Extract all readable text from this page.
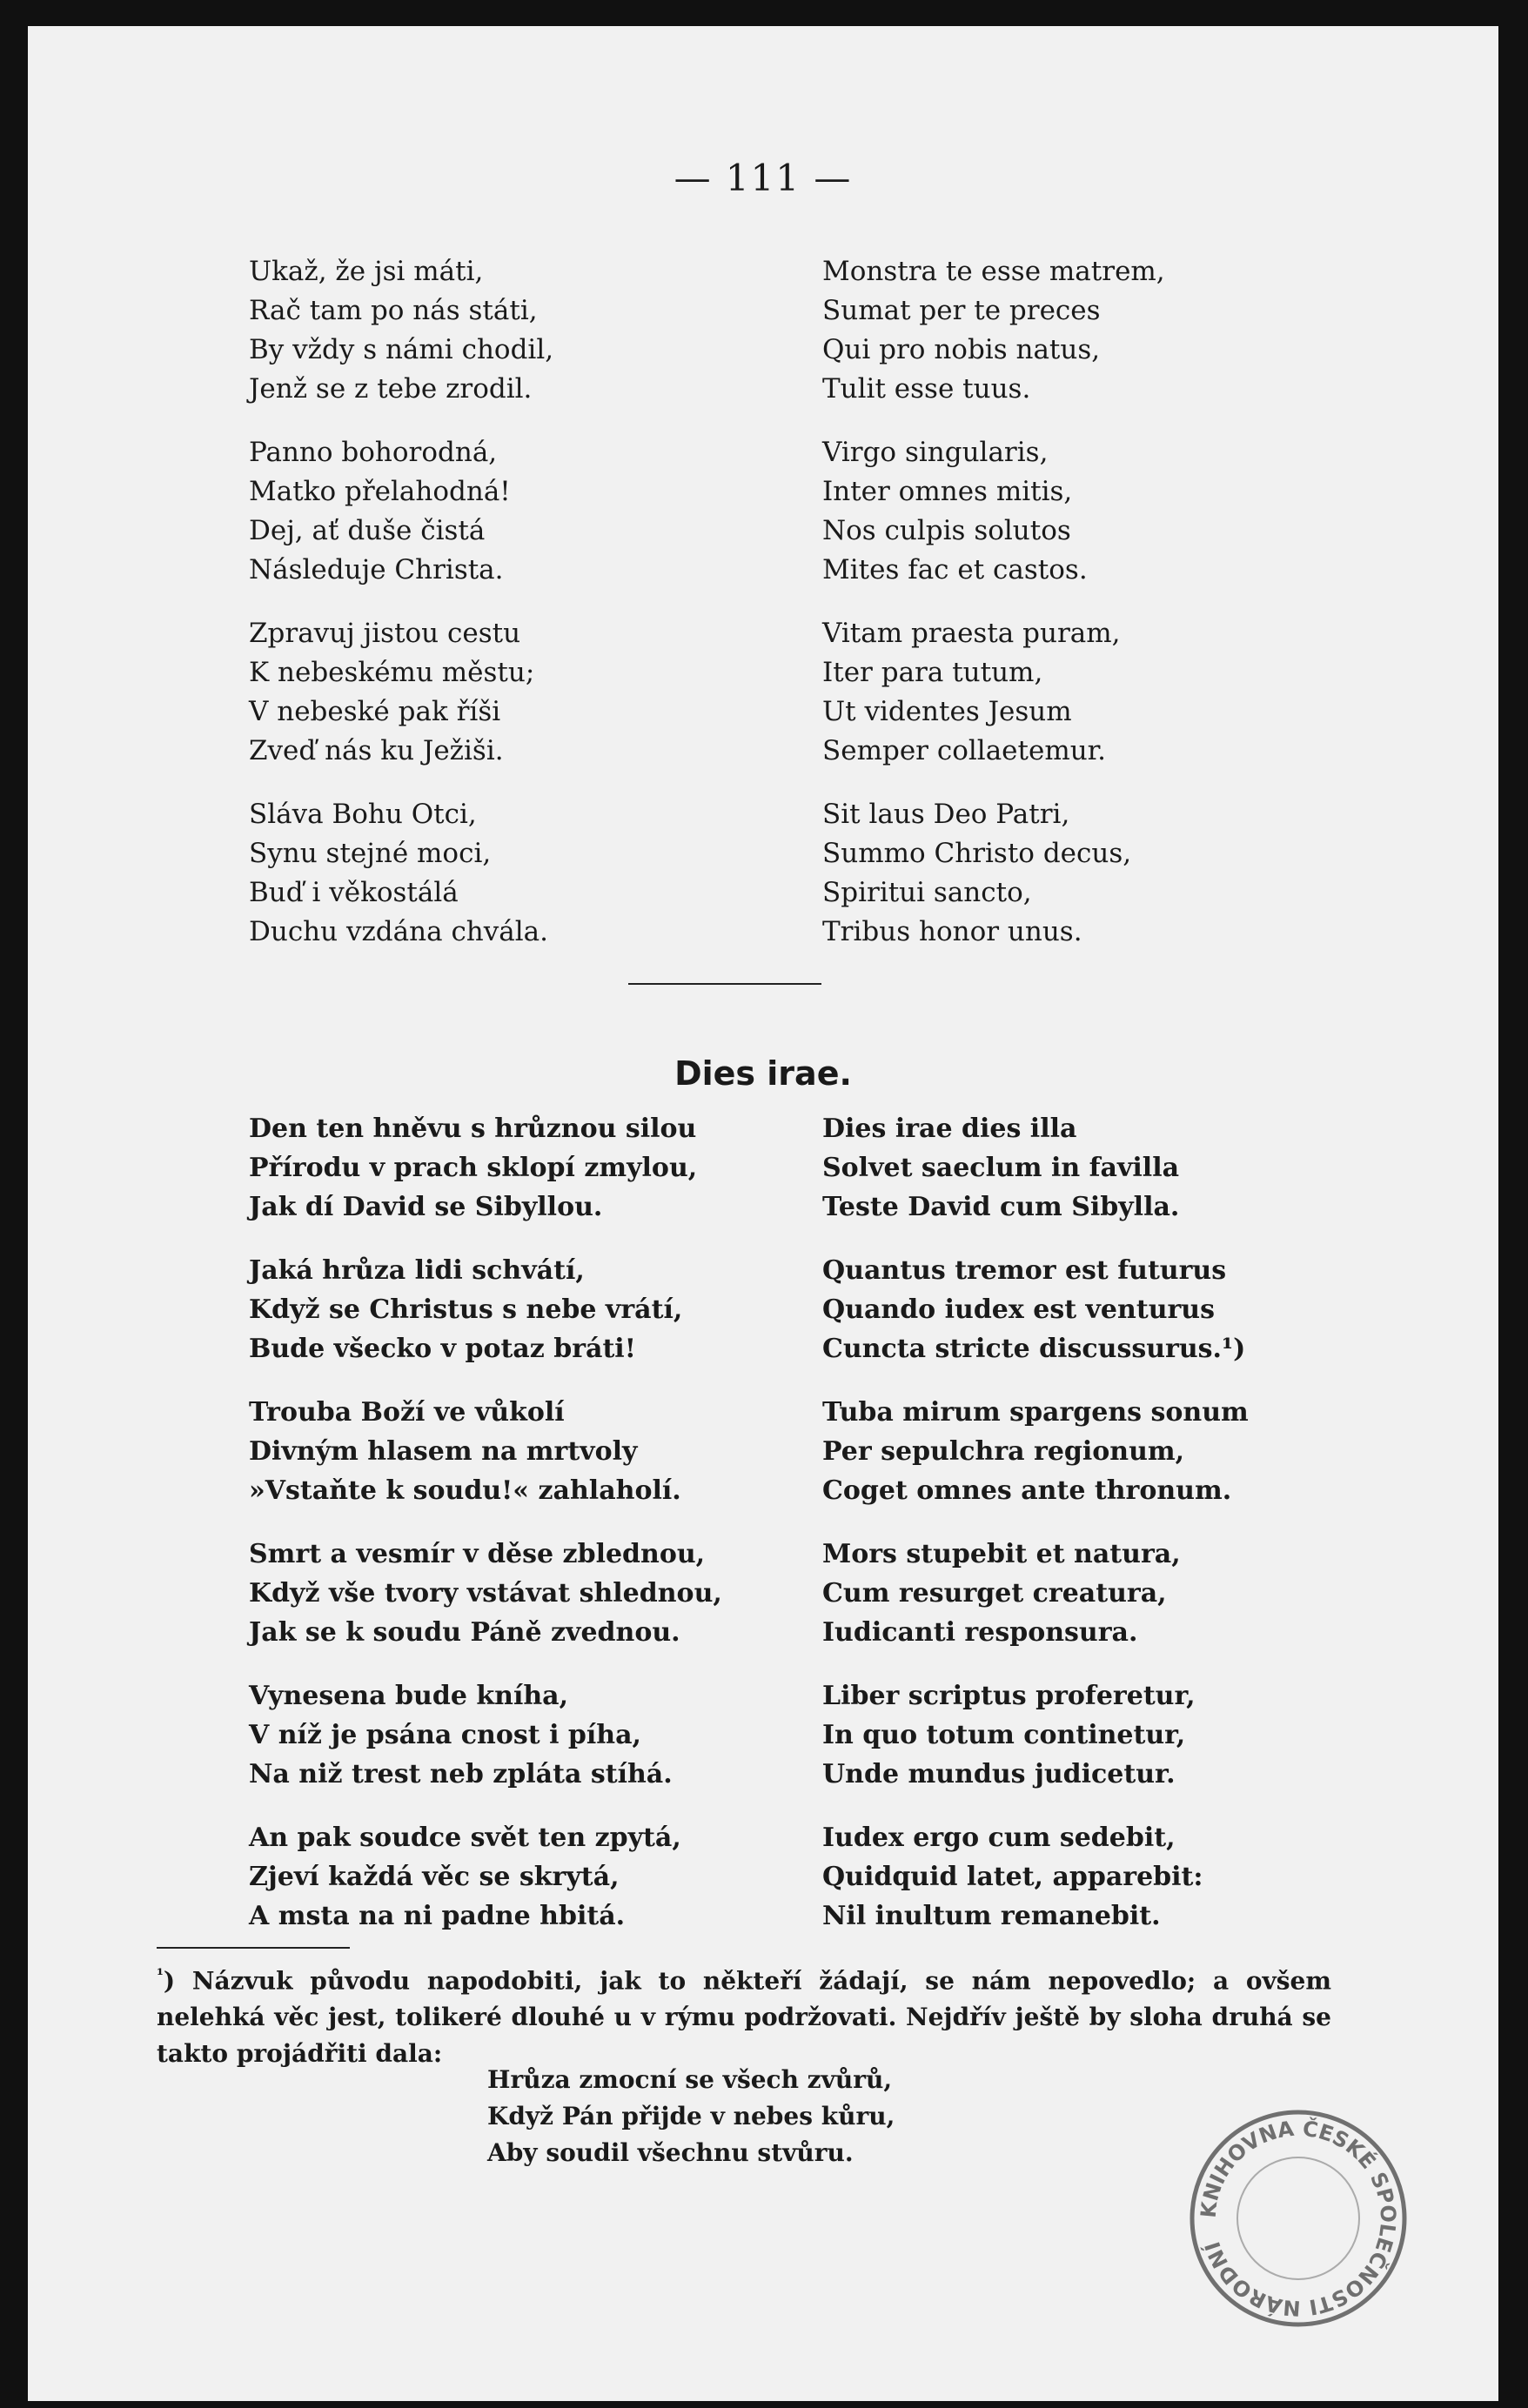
— 111 —
Ukaž, že jsi máti,
Rač tam po nás státi,
By vždy s námi chodil,
Jenž se z tebe zrodil.
Panno bohorodná,
Matko přelahodná!
Dej, ať duše čistá
Následuje Christa.
Zpravuj jistou cestu
K nebeskému městu;
V nebeské pak říši
Zveď nás ku Ježiši.
Sláva Bohu Otci,
Synu stejné moci,
Buď i věkostálá
Duchu vzdána chvála.
Monstra te esse matrem,
Sumat per te preces
Qui pro nobis natus,
Tulit esse tuus.
Virgo singularis,
Inter omnes mitis,
Nos culpis solutos
Mites fac et castos.
Vitam praesta puram,
Iter para tutum,
Ut videntes Jesum
Semper collaetemur.
Sit laus Deo Patri,
Summo Christo decus,
Spiritui sancto,
Tribus honor unus.
Dies irae.
Den ten hněvu s hrůznou silou
Přírodu v prach sklopí zmylou,
Jak dí David se Sibyllou.
Jaká hrůza lidi schvátí,
Když se Christus s nebe vrátí,
Bude všecko v potaz bráti!
Trouba Boží ve vůkolí
Divným hlasem na mrtvoly
»Vstaňte k soudu!« zahlaholí.
Smrt a vesmír v děse zblednou,
Když vše tvory vstávat shlednou,
Jak se k soudu Páně zvednou.
Vynesena bude kníha,
V níž je psána cnost i píha,
Na niž trest neb zpláta stíhá.
An pak soudce svět ten zpytá,
Zjeví každá věc se skrytá,
A msta na ni padne hbitá.
Dies irae dies illa
Solvet saeclum in favilla
Teste David cum Sibylla.
Quantus tremor est futurus
Quando iudex est venturus
Cuncta stricte discussurus.¹)
Tuba mirum spargens sonum
Per sepulchra regionum,
Coget omnes ante thronum.
Mors stupebit et natura,
Cum resurget creatura,
Iudicanti responsura.
Liber scriptus proferetur,
In quo totum continetur,
Unde mundus judicetur.
Iudex ergo cum sedebit,
Quidquid latet, apparebit:
Nil inultum remanebit.
$^{^1}$) Názvuk původu napodobiti, jak to někteří žádají, se nám nepovedlo; a ovšem nelehká věc jest, tolikeré dlouhé u v rýmu podržovati. Nejdřív ještě by sloha druhá se takto projádřiti dala:
Hrůza zmocní se všech zvůrů,
Když Pán přijde v nebes kůru,
Aby soudil všechnu stvůru.
KNIHOVNA ČESKÉ SPOLEČNOSTI NÁRODNÍ
